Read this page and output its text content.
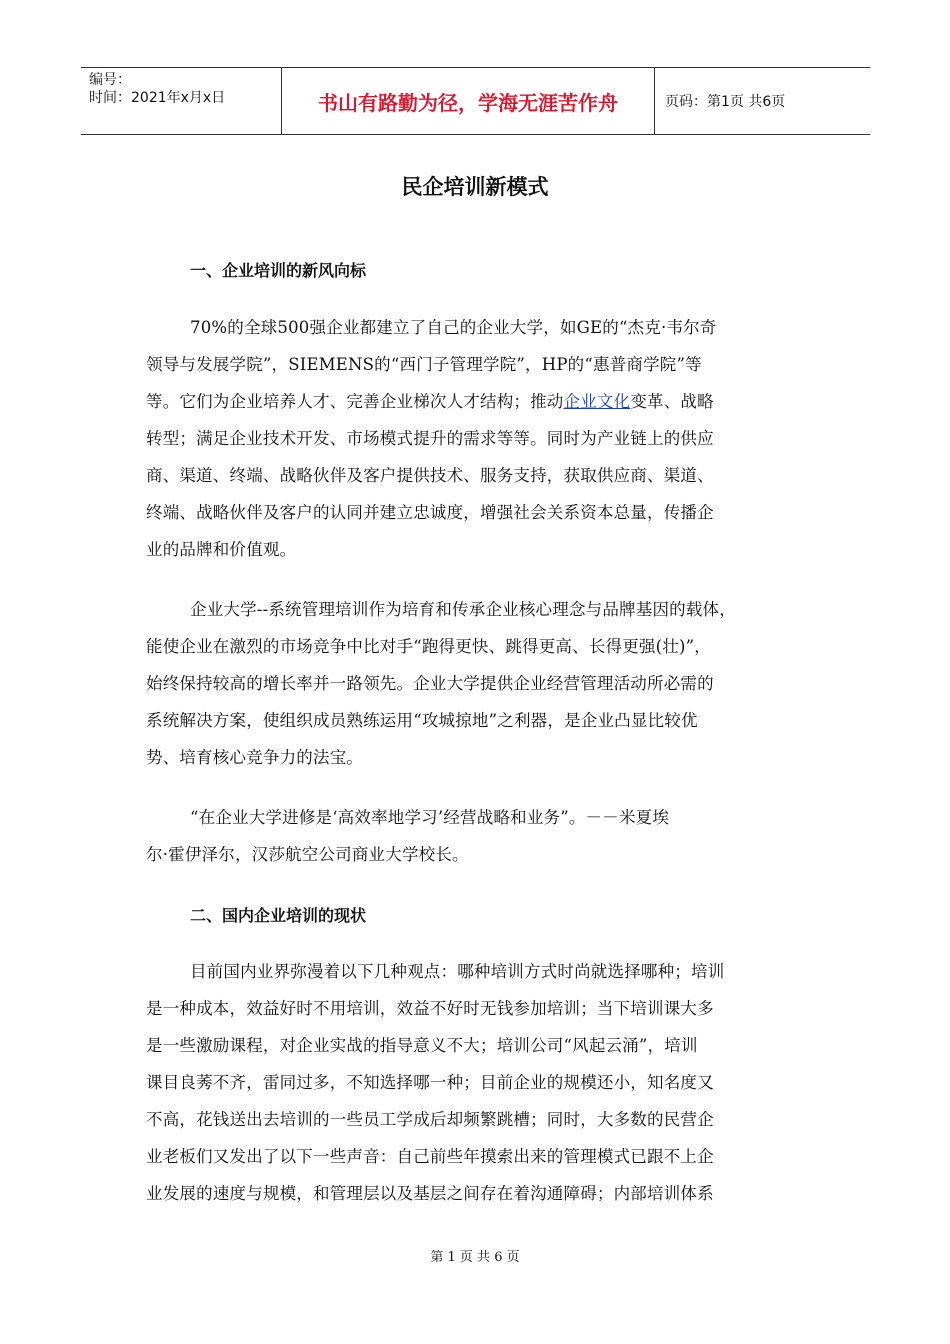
编号：
时间：2021年x月x日	书山有路勤为径，学海无涯苦作舟	页码：第1页 共6页
民企培训新模式
一、企业培训的新风向标
70%的全球500强企业都建立了自己的企业大学，如GE的“杰克·韦尔奇
领导与发展学院”，SIEMENS的“西门子管理学院”，HP的“惠普商学院”等
等。它们为企业培养人才、完善企业梯次人才结构；推动企业文化变革、战略
转型；满足企业技术开发、市场模式提升的需求等等。同时为产业链上的供应
商、渠道、终端、战略伙伴及客户提供技术、服务支持，获取供应商、渠道、
终端、战略伙伴及客户的认同并建立忠诚度，增强社会关系资本总量，传播企
业的品牌和价值观。
企业大学--系统管理培训作为培育和传承企业核心理念与品牌基因的载体，
能使企业在激烈的市场竞争中比对手“跑得更快、跳得更高、长得更强(壮)”，
始终保持较高的增长率并一路领先。企业大学提供企业经营管理活动所必需的
系统解决方案，使组织成员熟练运用“攻城掠地”之利器，是企业凸显比较优
势、培育核心竞争力的法宝。
“在企业大学进修是‘高效率地学习’经营战略和业务”。－－米夏埃
尔·霍伊泽尔，汉莎航空公司商业大学校长。
二、国内企业培训的现状
目前国内业界弥漫着以下几种观点：哪种培训方式时尚就选择哪种；培训
是一种成本，效益好时不用培训，效益不好时无钱参加培训；当下培训课大多
是一些激励课程，对企业实战的指导意义不大；培训公司“风起云涌”，培训
课目良莠不齐，雷同过多，不知选择哪一种；目前企业的规模还小，知名度又
不高，花钱送出去培训的一些员工学成后却频繁跳槽；同时，大多数的民营企
业老板们又发出了以下一些声音：自己前些年摸索出来的管理模式已跟不上企
业发展的速度与规模，和管理层以及基层之间存在着沟通障碍；内部培训体系
第 1 页 共 6 页
